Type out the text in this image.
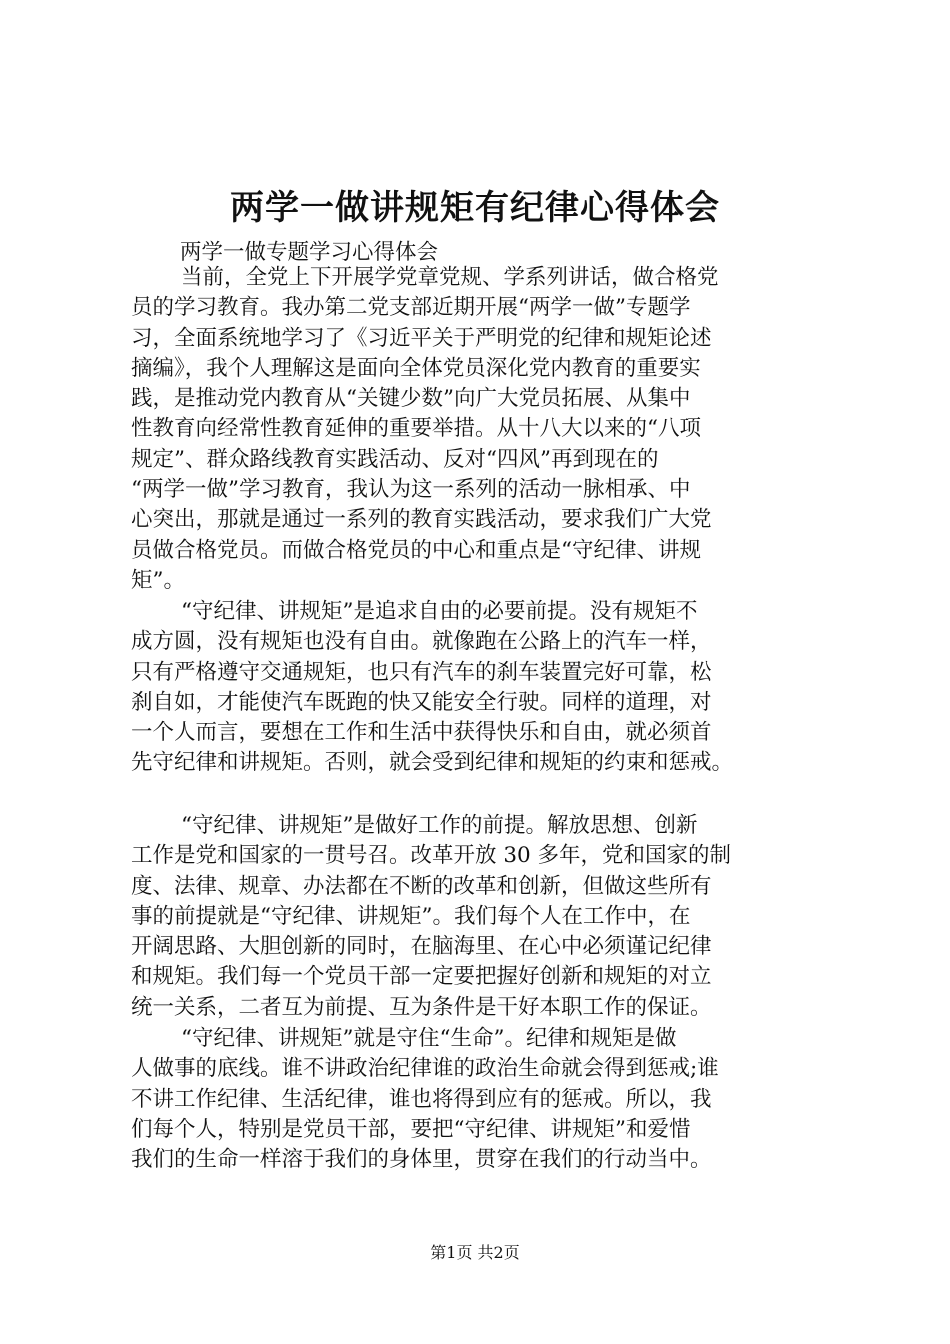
两学一做讲规矩有纪律心得体会

两学一做专题学习心得体会

当前，全党上下开展学党章党规、学系列讲话，做合格党
员的学习教育。我办第二党支部近期开展“两学一做”专题学
习，全面系统地学习了《习近平关于严明党的纪律和规矩论述
摘编》，我个人理解这是面向全体党员深化党内教育的重要实
践，是推动党内教育从“关键少数”向广大党员拓展、从集中
性教育向经常性教育延伸的重要举措。从十八大以来的“八项
规定”、群众路线教育实践活动、反对“四风”再到现在的
“两学一做”学习教育，我认为这一系列的活动一脉相承、中
心突出，那就是通过一系列的教育实践活动，要求我们广大党
员做合格党员。而做合格党员的中心和重点是“守纪律、讲规
矩”。

“守纪律、讲规矩”是追求自由的必要前提。没有规矩不
成方圆，没有规矩也没有自由。就像跑在公路上的汽车一样，
只有严格遵守交通规矩，也只有汽车的刹车装置完好可靠，松
刹自如，才能使汽车既跑的快又能安全行驶。同样的道理，对
一个人而言，要想在工作和生活中获得快乐和自由，就必须首
先守纪律和讲规矩。否则，就会受到纪律和规矩的约束和惩戒。

“守纪律、讲规矩”是做好工作的前提。解放思想、创新
工作是党和国家的一贯号召。改革开放 30 多年，党和国家的制
度、法律、规章、办法都在不断的改革和创新，但做这些所有
事的前提就是“守纪律、讲规矩”。我们每个人在工作中，在
开阔思路、大胆创新的同时，在脑海里、在心中必须谨记纪律
和规矩。我们每一个党员干部一定要把握好创新和规矩的对立
统一关系，二者互为前提、互为条件是干好本职工作的保证。

“守纪律、讲规矩”就是守住“生命”。纪律和规矩是做
人做事的底线。谁不讲政治纪律谁的政治生命就会得到惩戒;谁
不讲工作纪律、生活纪律，谁也将得到应有的惩戒。所以，我
们每个人，特别是党员干部，要把“守纪律、讲规矩”和爱惜
我们的生命一样溶于我们的身体里，贯穿在我们的行动当中。

第1页 共2页
